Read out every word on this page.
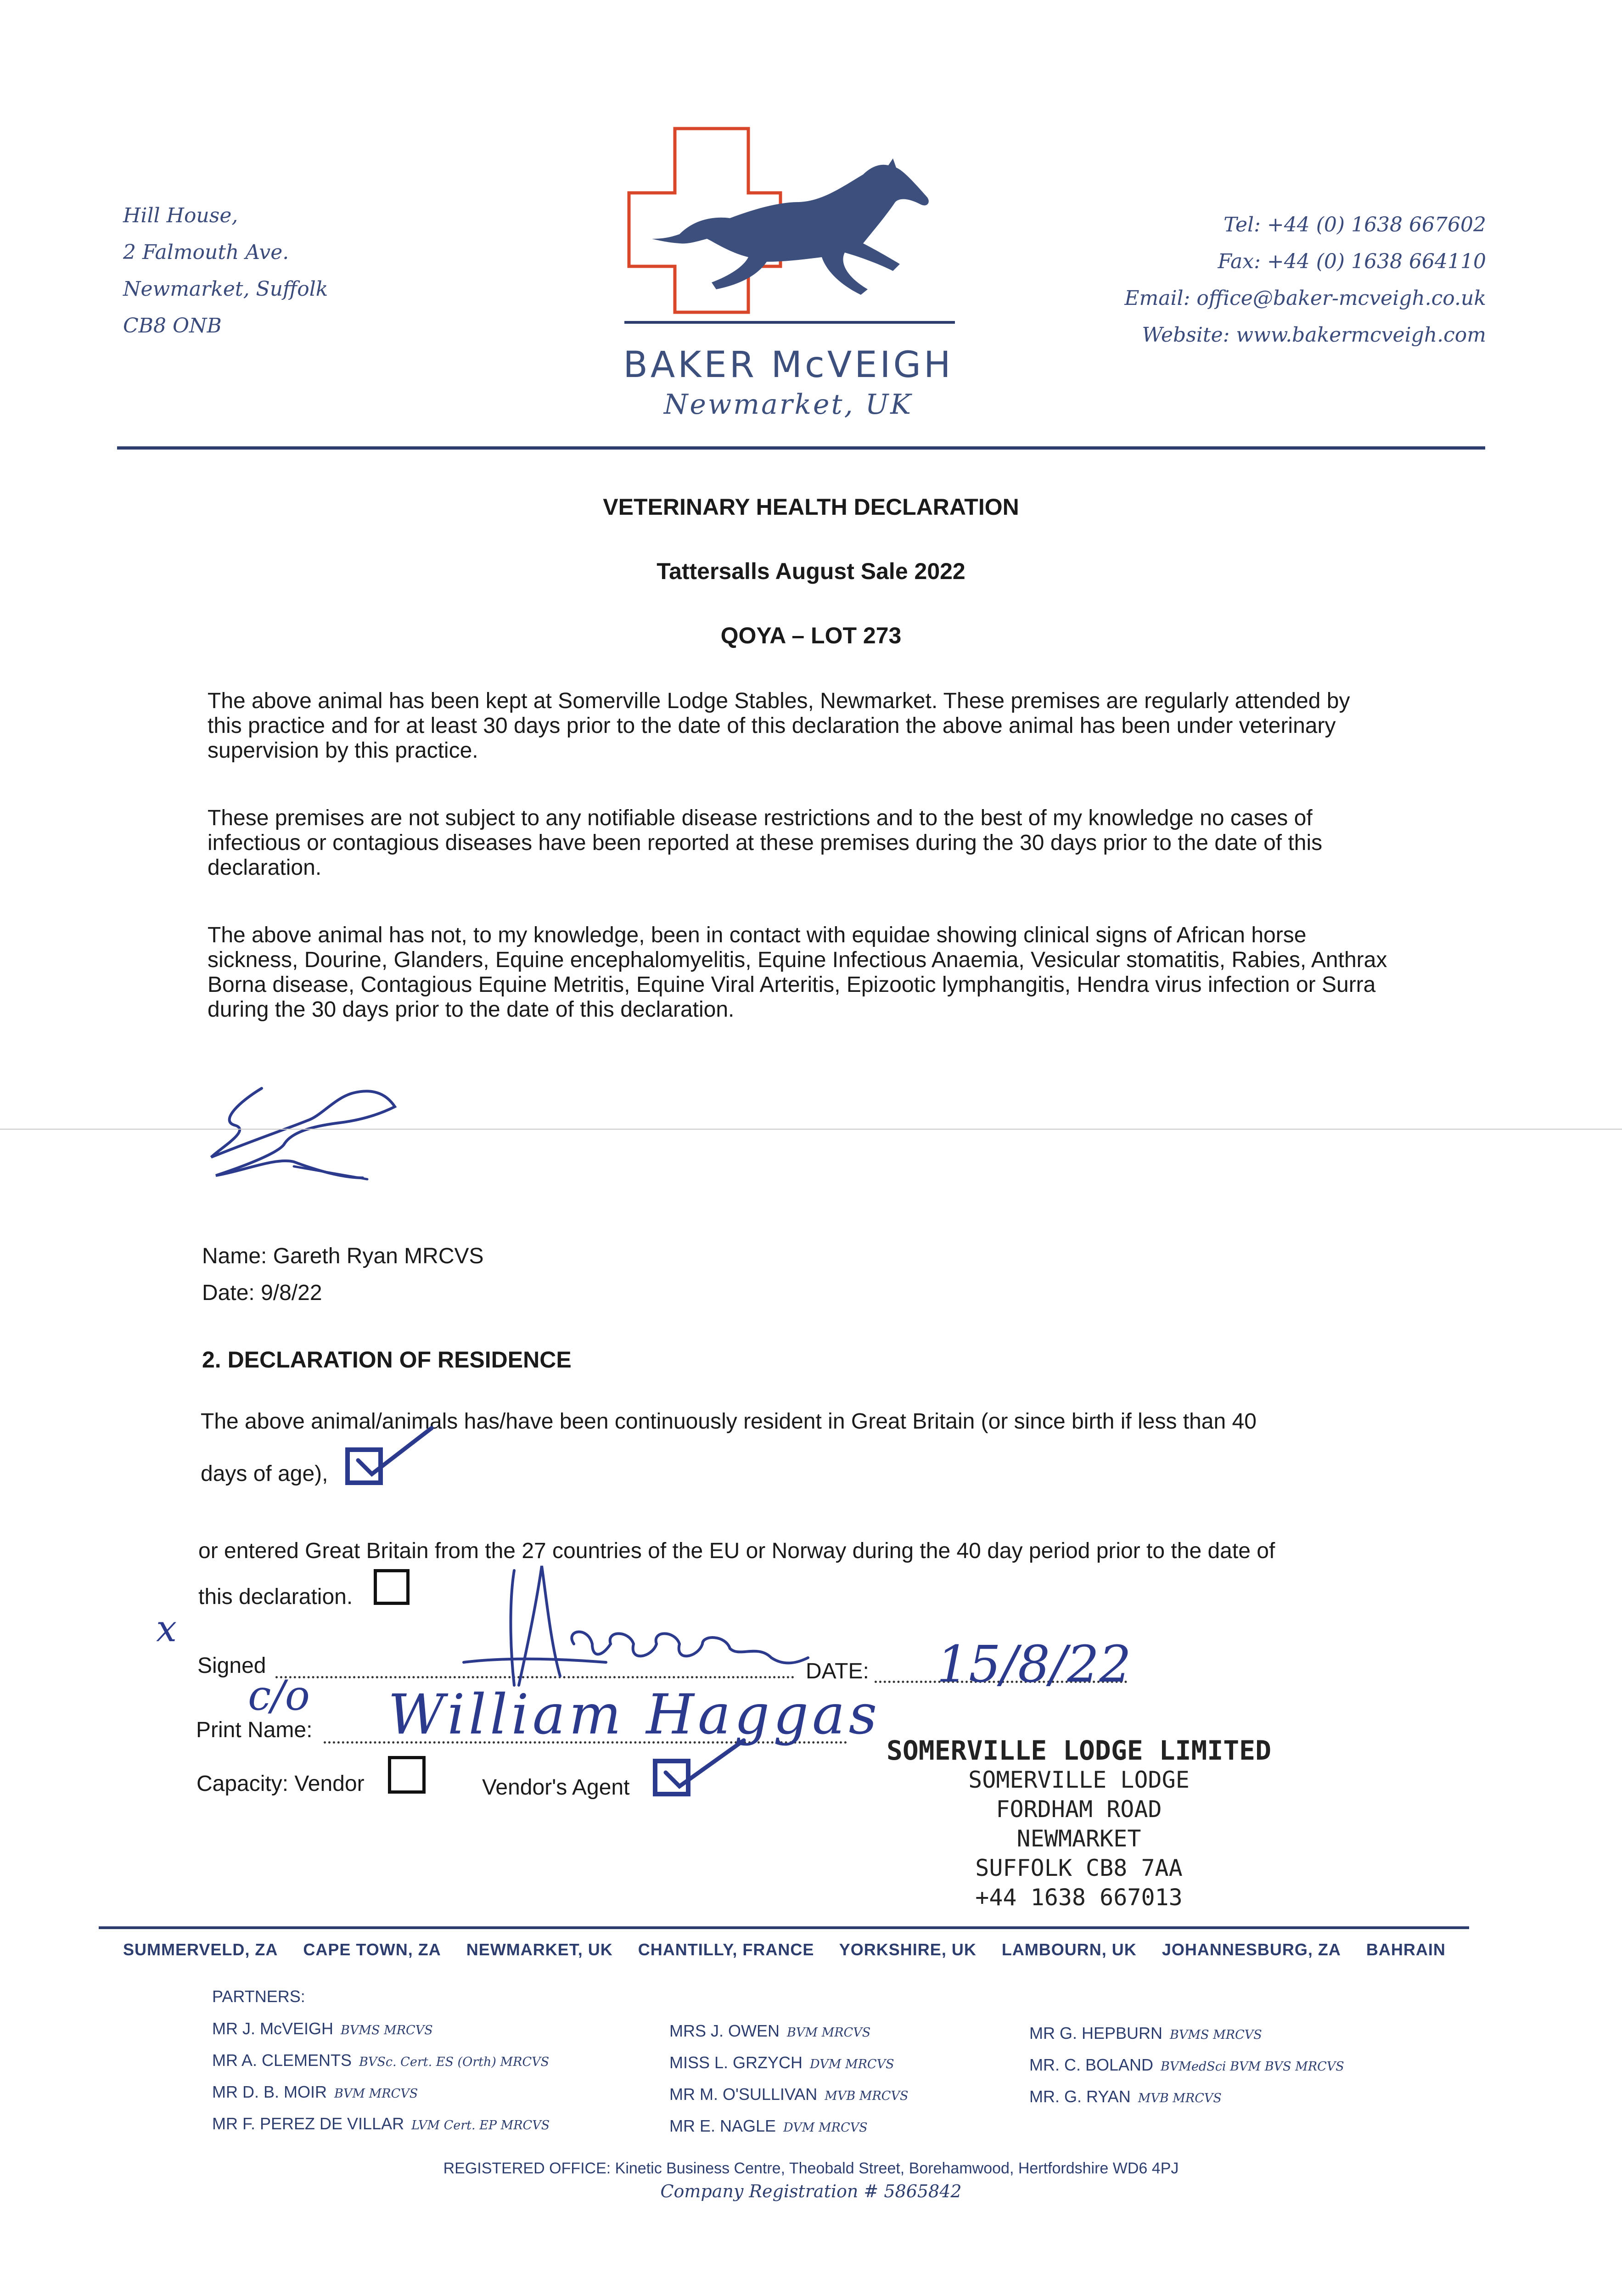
Hill House,
2 Falmouth Ave.
Newmarket, Suffolk
CB8 ONB
BAKER McVEIGH
Newmarket, UK
Tel: +44 (0) 1638 667602
Fax: +44 (0) 1638 664110
Email: office@baker-mcveigh.co.uk
Website: www.bakermcveigh.com
VETERINARY HEALTH DECLARATION
Tattersalls August Sale 2022
QOYA – LOT 273
The above animal has been kept at Somerville Lodge Stables, Newmarket. These premises are regularly attended by this practice and for at least 30 days prior to the date of this declaration the above animal has been under veterinary supervision by this practice.
These premises are not subject to any notifiable disease restrictions and to the best of my knowledge no cases of infectious or contagious diseases have been reported at these premises during the 30 days prior to the date of this declaration.
The above animal has not, to my knowledge, been in contact with equidae showing clinical signs of African horse sickness, Dourine, Glanders, Equine encephalomyelitis, Equine Infectious Anaemia, Vesicular stomatitis, Rabies, Anthrax Borna disease, Contagious Equine Metritis, Equine Viral Arteritis, Epizootic lymphangitis, Hendra virus infection or Surra during the 30 days prior to the date of this declaration.
Name: Gareth Ryan MRCVS
Date: 9/8/22
2. DECLARATION OF RESIDENCE
The above animal/animals has/have been continuously resident in Great Britain (or since birth if less than 40
days of age),
or entered Great Britain from the 27 countries of the EU or Norway during the 40 day period prior to the date of
this declaration.
x
Signed	DATE: 15/8/22
c/o
Print Name: William Haggas
Capacity: Vendor	Vendor's Agent
SOMERVILLE LODGE LIMITED
SOMERVILLE LODGE
FORDHAM ROAD
NEWMARKET
SUFFOLK CB8 7AA
+44 1638 667013
SUMMERVELD, ZA CAPE TOWN, ZA NEWMARKET, UK CHANTILLY, FRANCE YORKSHIRE, UK LAMBOURN, UK JOHANNESBURG, ZA BAHRAIN
PARTNERS:
MR J. McVEIGH BVMS MRCVS
MR A. CLEMENTS BVSc. Cert. ES (Orth) MRCVS
MR D. B. MOIR BVM MRCVS
MR F. PEREZ DE VILLAR LVM Cert. EP MRCVS
MRS J. OWEN BVM MRCVS
MISS L. GRZYCH DVM MRCVS
MR M. O'SULLIVAN MVB MRCVS
MR E. NAGLE DVM MRCVS
MR G. HEPBURN BVMS MRCVS
MR. C. BOLAND BVMedSci BVM BVS MRCVS
MR. G. RYAN MVB MRCVS
REGISTERED OFFICE: Kinetic Business Centre, Theobald Street, Borehamwood, Hertfordshire WD6 4PJ
Company Registration # 5865842
